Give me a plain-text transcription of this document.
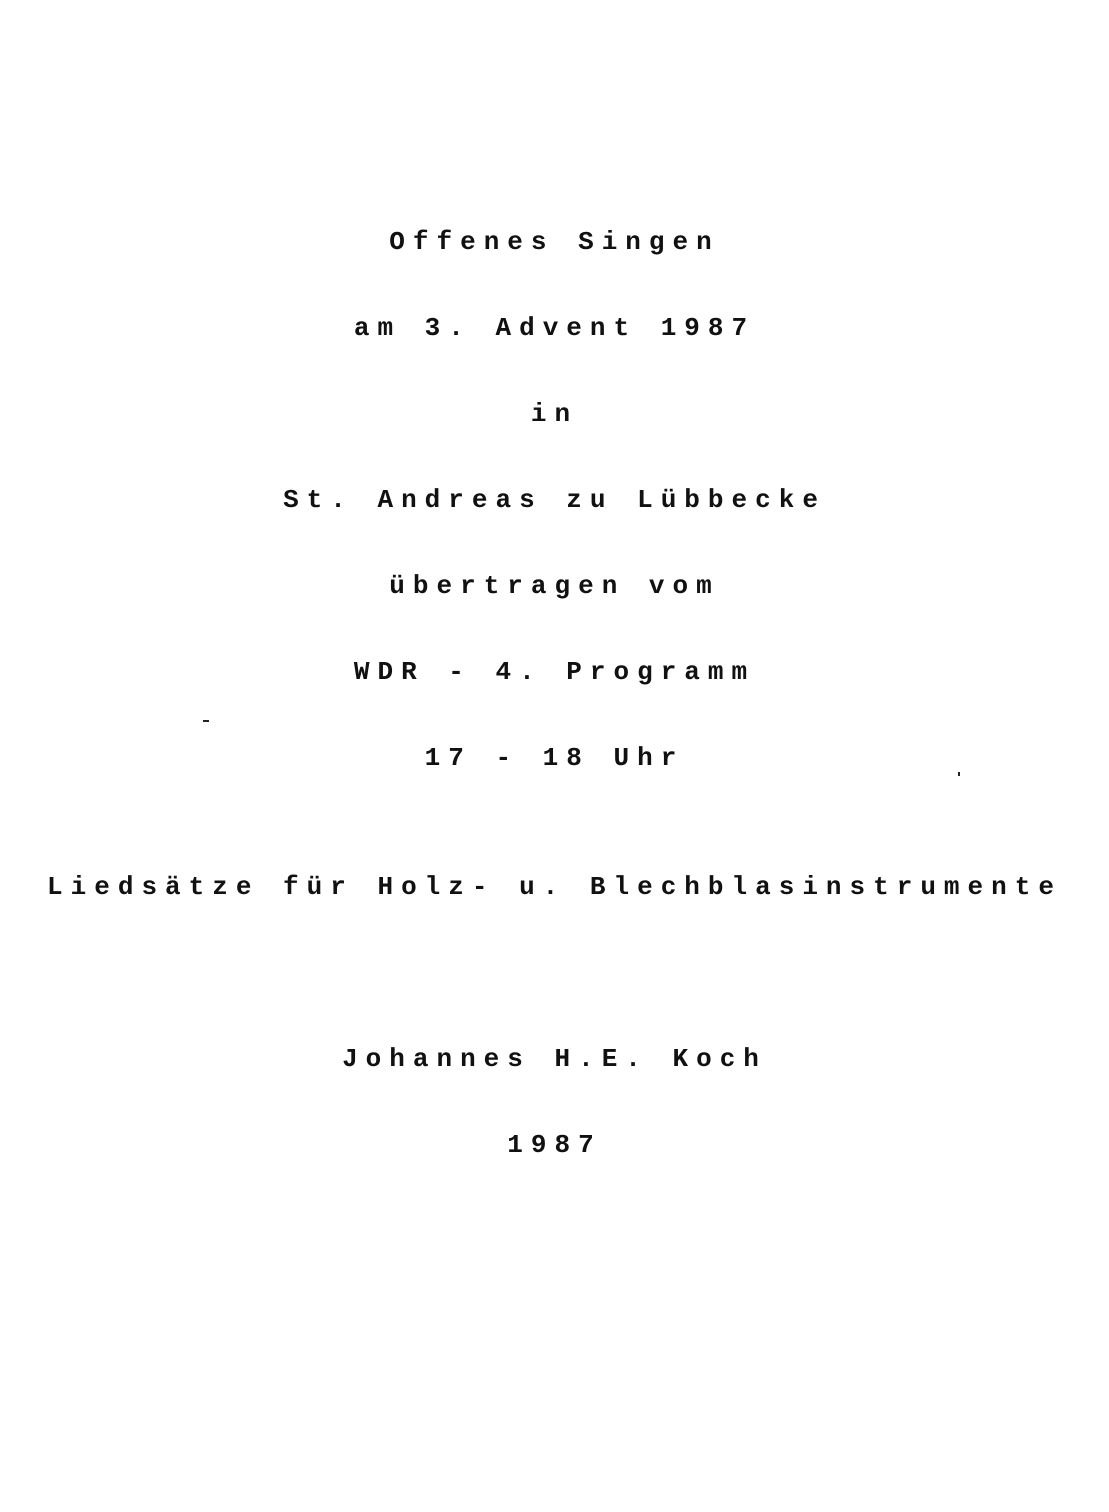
Offenes Singen
am 3. Advent 1987
in
St. Andreas zu Lübbecke
übertragen vom
WDR - 4. Programm
17 - 18 Uhr
Liedsätze für Holz- u. Blechblasinstrumente
Johannes H.E. Koch
1987
